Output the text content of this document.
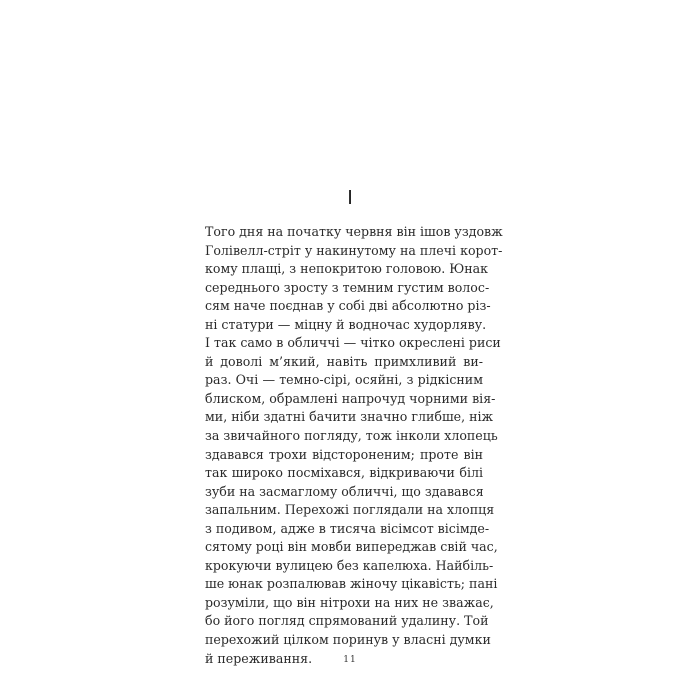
I
Того дня на початку червня він ішов уздовж
Голівелл-стріт у накинутому на плечі корот-
кому плащі, з непокритою головою. Юнак
середнього зросту з темним густим волос-
сям наче поєднав у собі дві абсолютно різ-
ні статури — міцну й водночас худорляву.
І так само в обличчі — чітко окреслені риси
й доволі м’який, навіть примхливий ви-
раз. Очі — темно-сірі, осяйні, з рідкісним
блиском, обрамлені напрочуд чорними вія-
ми, ніби здатні бачити значно глибше, ніж
за звичайного погляду, тож інколи хлопець
здавався трохи відстороненим; проте він
так широко посміхався, відкриваючи білі
зуби на засмаглому обличчі, що здавався
запальним. Перехожі поглядали на хлопця
з подивом, адже в тисяча вісімсот вісімде-
сятому році він мовби випереджав свій час,
крокуючи вулицею без капелюха. Найбіль-
ше юнак розпалював жіночу цікавість; пані
розуміли, що він нітрохи на них не зважає,
бо його погляд спрямований удалину. Той
перехожий цілком поринув у власні думки
й переживання.	11
